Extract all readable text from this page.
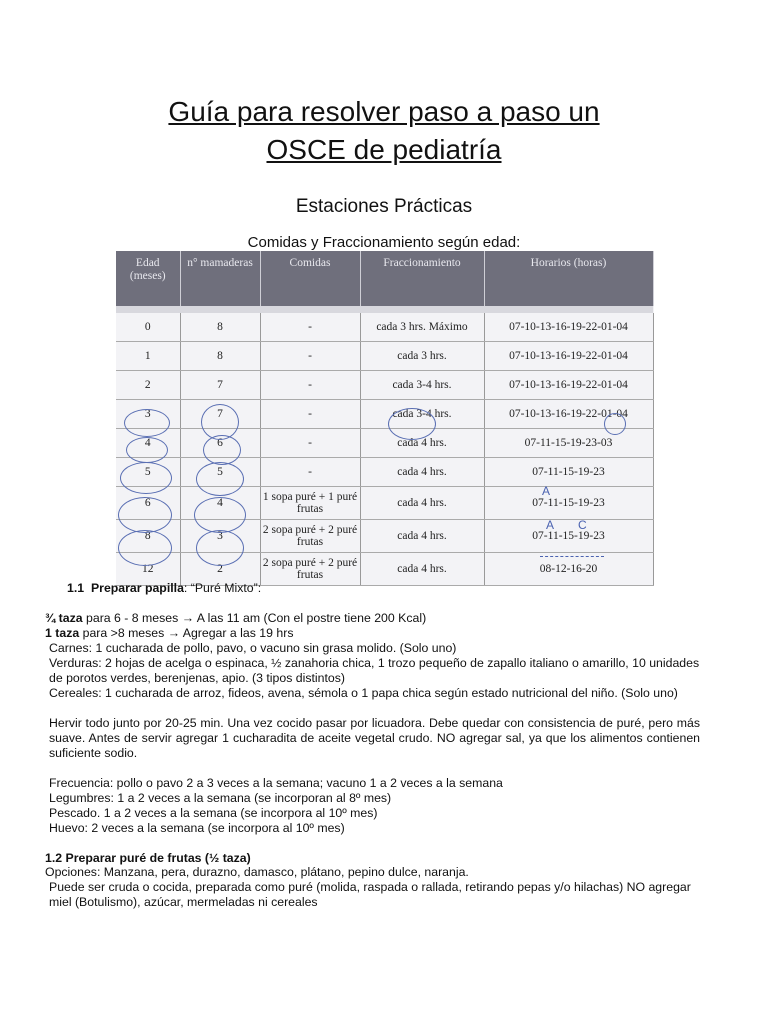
Guía para resolver paso a paso un
OSCE de pediatría
Estaciones Prácticas
Comidas y Fraccionamiento según edad:
Edad (meses)	n° mamaderas	Comidas	Fraccionamiento	Horarios (horas)

0	8	-	cada 3 hrs. Máximo	07-10-13-16-19-22-01-04
1	8	-	cada 3 hrs.	07-10-13-16-19-22-01-04
2	7	-	cada 3-4 hrs.	07-10-13-16-19-22-01-04
3	7	-	cada 3-4 hrs.	07-10-13-16-19-22-01-04
4	6	-	cada 4 hrs.	07-11-15-19-23-03
5	5	-	cada 4 hrs.	07-11-15-19-23
6	4	1 sopa puré + 1 puré frutas	cada 4 hrs.	07-11-15-19-23
8	3	2 sopa puré + 2 puré frutas	cada 4 hrs.	07-11-15-19-23
12	2	2 sopa puré + 2 puré frutas	cada 4 hrs.	08-12-16-20
A
A C
1.1 Preparar papilla: “Puré Mixto”:
¾ taza para 6 - 8 meses → A las 11 am (Con el postre tiene 200 Kcal)
1 taza para >8 meses → Agregar a las 19 hrs
Carnes: 1 cucharada de pollo, pavo, o vacuno sin grasa molido. (Solo uno)
Verduras: 2 hojas de acelga o espinaca, ½ zanahoria chica, 1 trozo pequeño de zapallo italiano o amarillo, 10 unidades de porotos verdes, berenjenas, apio. (3 tipos distintos)
Cereales: 1 cucharada de arroz, fideos, avena, sémola o 1 papa chica según estado nutricional del niño. (Solo uno)
Hervir todo junto por 20-25 min. Una vez cocido pasar por licuadora. Debe quedar con consistencia de puré, pero más suave. Antes de servir agregar 1 cucharadita de aceite vegetal crudo. NO agregar sal, ya que los alimentos contienen suficiente sodio.
Frecuencia: pollo o pavo 2 a 3 veces a la semana; vacuno 1 a 2 veces a la semana
Legumbres: 1 a 2 veces a la semana (se incorporan al 8º mes)
Pescado. 1 a 2 veces a la semana (se incorpora al 10º mes)
Huevo: 2 veces a la semana (se incorpora al 10º mes)
1.2 Preparar puré de frutas (½ taza)
Opciones: Manzana, pera, durazno, damasco, plátano, pepino dulce, naranja.
Puede ser cruda o cocida, preparada como puré (molida, raspada o rallada, retirando pepas y/o hilachas) NO agregar miel (Botulismo), azúcar, mermeladas ni cereales
